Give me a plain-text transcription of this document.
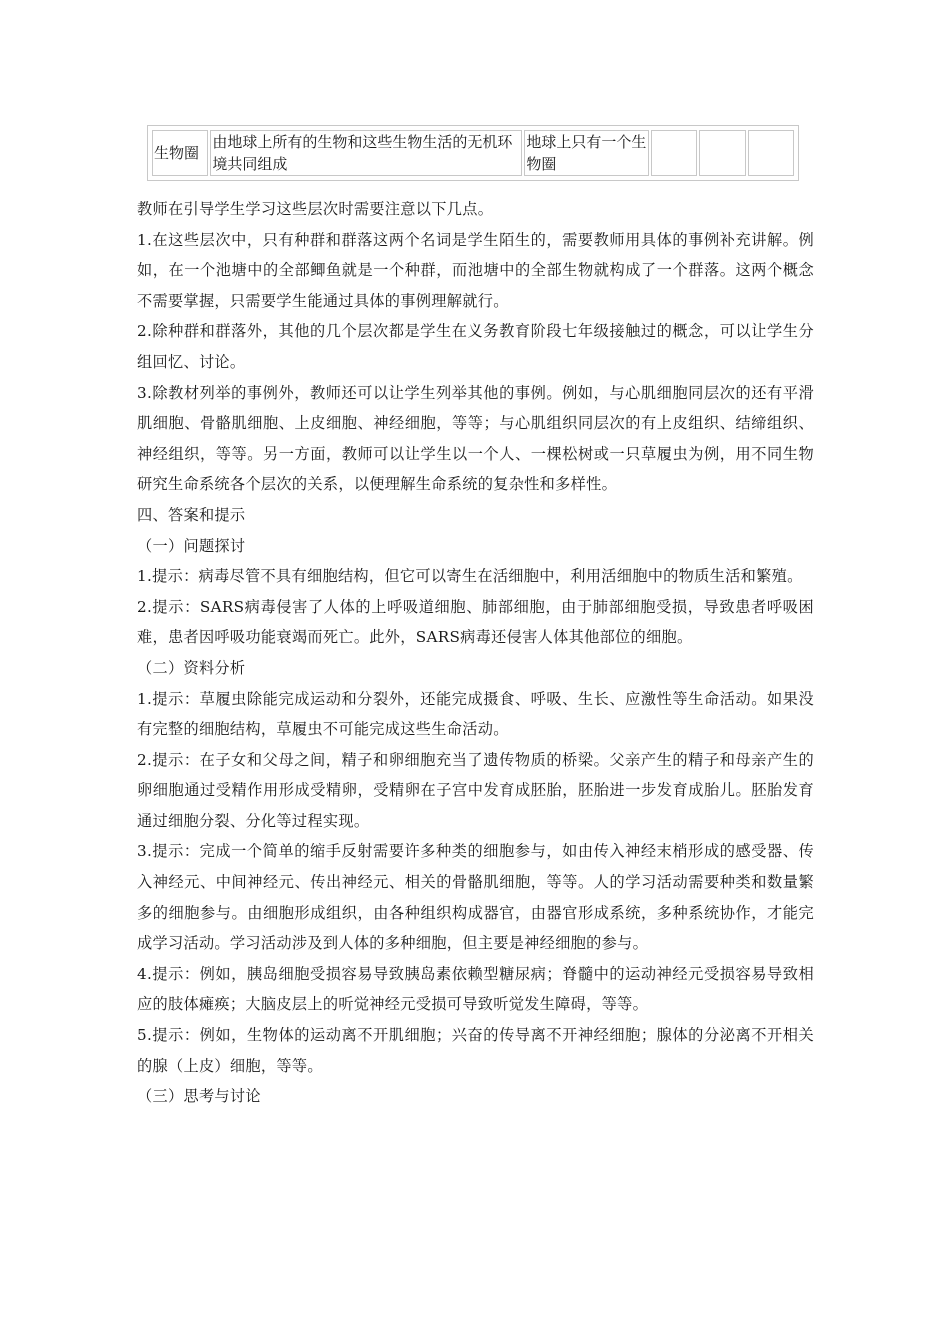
生物圈	由地球上所有的生物和这些生物生活的无机环境共同组成	地球上只有一个生物圈			

教师在引导学生学习这些层次时需要注意以下几点。

1.在这些层次中，只有种群和群落这两个名词是学生陌生的，需要教师用具体的事例补充讲解。例如，在一个池塘中的全部鲫鱼就是一个种群，而池塘中的全部生物就构成了一个群落。这两个概念不需要掌握，只需要学生能通过具体的事例理解就行。

2.除种群和群落外，其他的几个层次都是学生在义务教育阶段七年级接触过的概念，可以让学生分组回忆、讨论。

3.除教材列举的事例外，教师还可以让学生列举其他的事例。例如，与心肌细胞同层次的还有平滑肌细胞、骨骼肌细胞、上皮细胞、神经细胞，等等；与心肌组织同层次的有上皮组织、结缔组织、神经组织，等等。另一方面，教师可以让学生以一个人、一棵松树或一只草履虫为例，用不同生物研究生命系统各个层次的关系，以便理解生命系统的复杂性和多样性。

四、答案和提示

（一）问题探讨

1.提示：病毒尽管不具有细胞结构，但它可以寄生在活细胞中，利用活细胞中的物质生活和繁殖。

2.提示：SARS病毒侵害了人体的上呼吸道细胞、肺部细胞，由于肺部细胞受损，导致患者呼吸困难，患者因呼吸功能衰竭而死亡。此外，SARS病毒还侵害人体其他部位的细胞。

（二）资料分析

1.提示：草履虫除能完成运动和分裂外，还能完成摄食、呼吸、生长、应激性等生命活动。如果没有完整的细胞结构，草履虫不可能完成这些生命活动。

2.提示：在子女和父母之间，精子和卵细胞充当了遗传物质的桥梁。父亲产生的精子和母亲产生的卵细胞通过受精作用形成受精卵，受精卵在子宫中发育成胚胎，胚胎进一步发育成胎儿。胚胎发育通过细胞分裂、分化等过程实现。

3.提示：完成一个简单的缩手反射需要许多种类的细胞参与，如由传入神经末梢形成的感受器、传入神经元、中间神经元、传出神经元、相关的骨骼肌细胞，等等。人的学习活动需要种类和数量繁多的细胞参与。由细胞形成组织，由各种组织构成器官，由器官形成系统，多种系统协作，才能完成学习活动。学习活动涉及到人体的多种细胞，但主要是神经细胞的参与。

4.提示：例如，胰岛细胞受损容易导致胰岛素依赖型糖尿病；脊髓中的运动神经元受损容易导致相应的肢体瘫痪；大脑皮层上的听觉神经元受损可导致听觉发生障碍，等等。

5.提示：例如，生物体的运动离不开肌细胞；兴奋的传导离不开神经细胞；腺体的分泌离不开相关的腺（上皮）细胞，等等。

（三）思考与讨论
